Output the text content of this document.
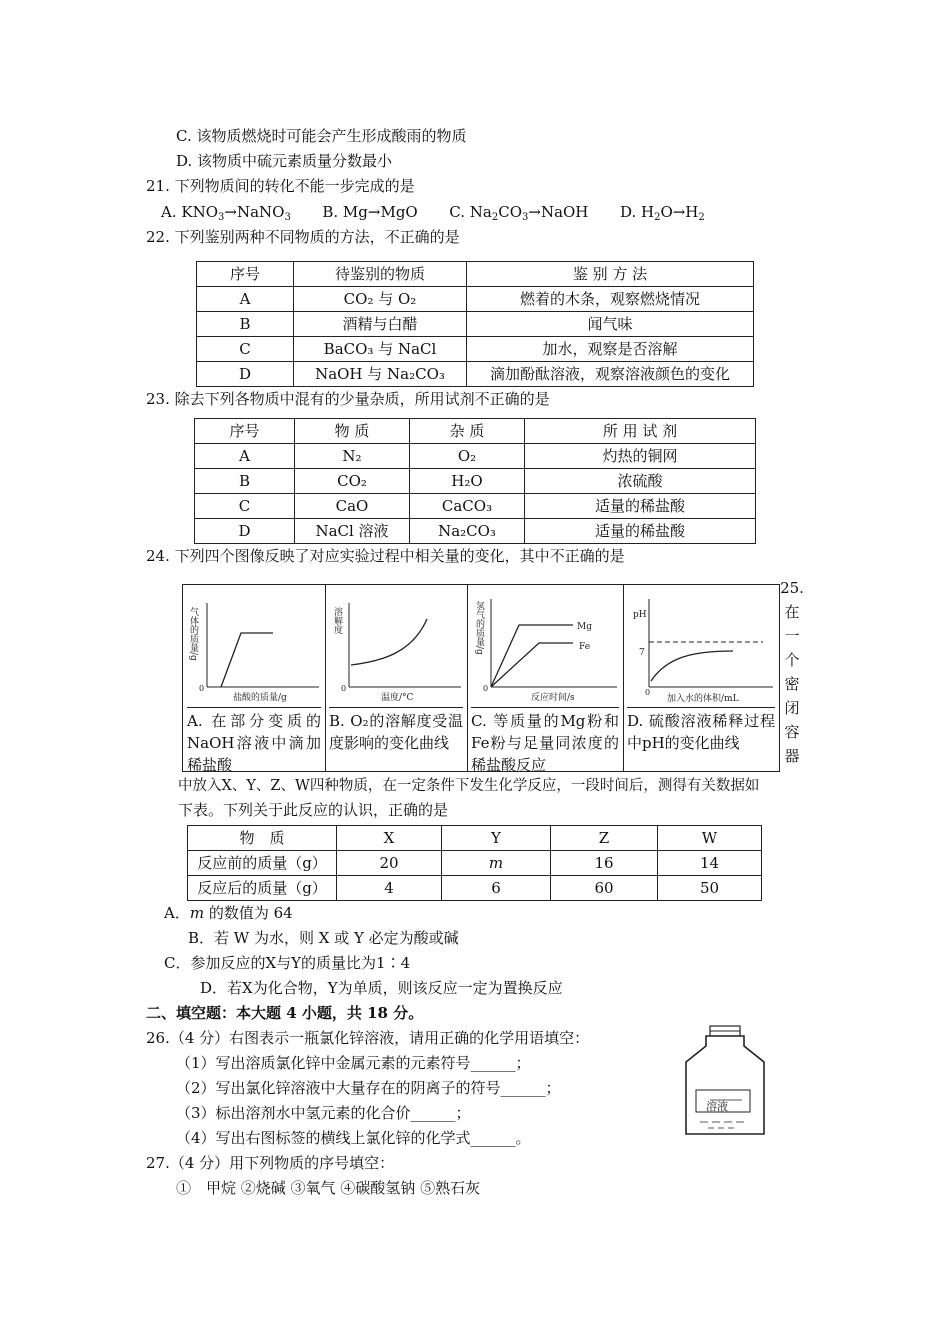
C. 该物质燃烧时可能会产生形成酸雨的物质
D. 该物质中硫元素质量分数最小
21. 下列物质间的转化不能一步完成的是
A. $KNO_3\to NaNO_3$ B. Mg→MgO C. $Na_2CO_3\to NaOH$ D. $H_2O\to H_2$
22. 下列鉴别两种不同物质的方法，不正确的是
序号	待鉴别的物质	鉴 别 方 法
A	CO₂ 与 O₂	燃着的木条，观察燃烧情况
B	酒精与白醋	闻气味
C	BaCO₃ 与 NaCl	加水，观察是否溶解
D	NaOH 与 Na₂CO₃	滴加酚酞溶液，观察溶液颜色的变化
23. 除去下列各物质中混有的少量杂质，所用试剂不正确的是
序号	物 质	杂 质	所 用 试 剂
A	N₂	O₂	灼热的铜网
B	CO₂	H₂O	浓硫酸
C	CaO	CaCO₃	适量的稀盐酸
D	NaCl 溶液	Na₂CO₃	适量的稀盐酸
24. 下列四个图像反映了对应实验过程中相关量的变化，其中不正确的是
0
盐酸的质量/g
气体的质量/g
A. 在部分变质的NaOH溶液中滴加稀盐酸
0
温度/°C
溶解度
B. O₂的溶解度受温度影响的变化曲线
Mg
Fe
0
反应时间/s
氢气的质量/g
C. 等质量的Mg粉和Fe粉与足量同浓度的稀盐酸反应
pH
7
0
加入水的体积/mL
D. 硫酸溶液稀释过程中pH的变化曲线
25.
在
一
个
密
闭
容
器
中放入X、Y、Z、W四种物质，在一定条件下发生化学反应，一段时间后，测得有关数据如
下表。下列关于此反应的认识，正确的是
物　质	X	Y	Z	W
反应前的质量（g）	20	m	16	14
反应后的质量（g）	4	6	60	50
A．m 的数值为 64
B．若 W 为水，则 X 或 Y 必定为酸或碱
C．参加反应的X与Y的质量比为1∶4
D．若X为化合物，Y为单质，则该反应一定为置换反应
二、填空题：本大题 4 小题，共 18 分。
26.（4 分）右图表示一瓶氯化锌溶液，请用正确的化学用语填空：
（1）写出溶质氯化锌中金属元素的元素符号______；
（2）写出氯化锌溶液中大量存在的阴离子的符号______；
（3）标出溶剂水中氢元素的化合价______；
（4）写出右图标签的横线上氯化锌的化学式______。
溶液
27.（4 分）用下列物质的序号填空：
①　甲烷 ②烧碱 ③氧气 ④碳酸氢钠 ⑤熟石灰
